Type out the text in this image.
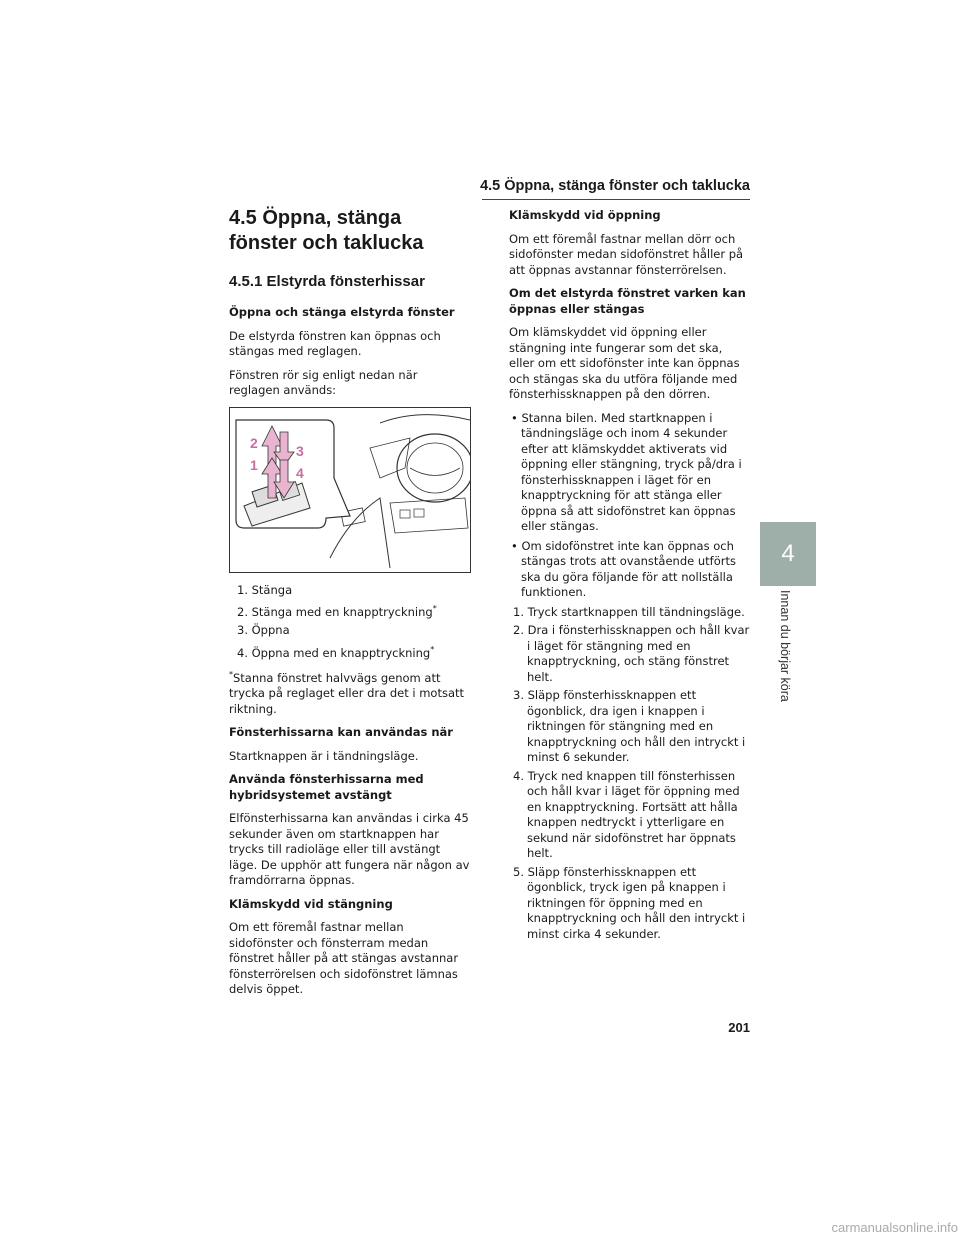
4.5 Öppna, stänga fönster och taklucka
4
Innan du börjar köra
4.5 Öppna, stänga fönster och taklucka
4.5.1 Elstyrda fönsterhissar
Öppna och stänga elstyrda fönster

De elstyrda fönstren kan öppnas och stängas med reglagen.

Fönstren rör sig enligt nedan när reglagen används:

2
1
3
4
1. Stänga
2. Stänga med en knapptryckning*
3. Öppna
4. Öppna med en knapptryckning*

*Stanna fönstret halvvägs genom att trycka på reglaget eller dra det i motsatt riktning.

Fönsterhissarna kan användas när

Startknappen är i tändningsläge.

Använda fönsterhissarna med hybridsystemet avstängt

Elfönsterhissarna kan användas i cirka 45 sekunder även om startknappen har trycks till radioläge eller till avstängt läge. De upphör att fungera när någon av framdörrarna öppnas.

Klämskydd vid stängning

Om ett föremål fastnar mellan sidofönster och fönsterram medan fönstret håller på att stängas avstannar fönsterrörelsen och sidofönstret lämnas delvis öppet.

Klämskydd vid öppning

Om ett föremål fastnar mellan dörr och sidofönster medan sidofönstret håller på att öppnas avstannar fönsterrörelsen.

Om det elstyrda fönstret varken kan öppnas eller stängas

Om klämskyddet vid öppning eller stängning inte fungerar som det ska, eller om ett sidofönster inte kan öppnas och stängas ska du utföra följande med fönsterhissknappen på den dörren.

• Stanna bilen. Med startknappen i tändningsläge och inom 4 sekunder efter att klämskyddet aktiverats vid öppning eller stängning, tryck på/dra i fönsterhissknappen i läget för en knapptryckning för att stänga eller öppna så att sidofönstret kan öppnas eller stängas.
• Om sidofönstret inte kan öppnas och stängas trots att ovanstående utförts ska du göra följande för att nollställa funktionen.
1. Tryck startknappen till tändningsläge.
2. Dra i fönsterhissknappen och håll kvar i läget för stängning med en knapptryckning, och stäng fönstret helt.
3. Släpp fönsterhissknappen ett ögonblick, dra igen i knappen i riktningen för stängning med en knapptryckning och håll den intryckt i minst 6 sekunder.
4. Tryck ned knappen till fönsterhissen och håll kvar i läget för öppning med en knapptryckning. Fortsätt att hålla knappen nedtryckt i ytterligare en sekund när sidofönstret har öppnats helt.
5. Släpp fönsterhissknappen ett ögonblick, tryck igen på knappen i riktningen för öppning med en knapptryckning och håll den intryckt i minst cirka 4 sekunder.
201
carmanualsonline.info
